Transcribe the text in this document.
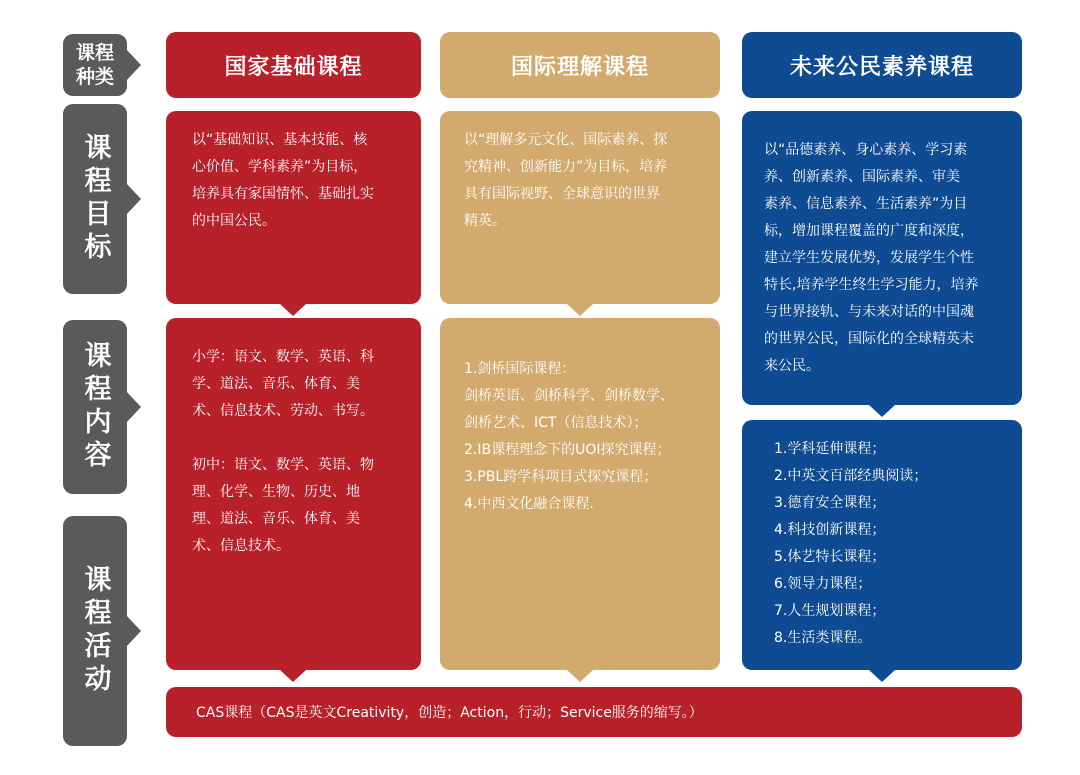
课程
种类
课程目标
课程内容
课程活动
国家基础课程	国际理解课程	未来公民素养课程
以“基础知识、基本技能、核
心价值、学科素养”为目标，
培养具有家国情怀、基础扎实
的中国公民。
以“理解多元文化、国际素养、探
究精神、创新能力”为目标，培养
具有国际视野、全球意识的世界
精英。
以“品德素养、身心素养、学习素
养、创新素养、国际素养、审美
素养、信息素养、生活素养”为目
标，增加课程覆盖的广度和深度，
建立学生发展优势，发展学生个性
特长,培养学生终生学习能力，培养
与世界接轨、与未来对话的中国魂
的世界公民，国际化的全球精英未
来公民。
小学：语文、数学、英语、科
学、道法、音乐、体育、美
术、信息技术、劳动、书写。

初中：语文、数学、英语、物
理、化学、生物、历史、地
理、道法、音乐、体育、美
术、信息技术。
1.剑桥国际课程：
剑桥英语、剑桥科学、剑桥数学、
剑桥艺术、ICT（信息技术）；
2.IB课程理念下的UOI探究课程；
3.PBL跨学科项目式探究课程；
4.中西文化融合课程.
1.学科延伸课程；
2.中英文百部经典阅读；
3.德育安全课程；
4.科技创新课程；
5.体艺特长课程；
6.领导力课程；
7.人生规划课程；
8.生活类课程。
CAS课程（CAS是英文Creativity，创造；Action，行动；Service服务的缩写。）
